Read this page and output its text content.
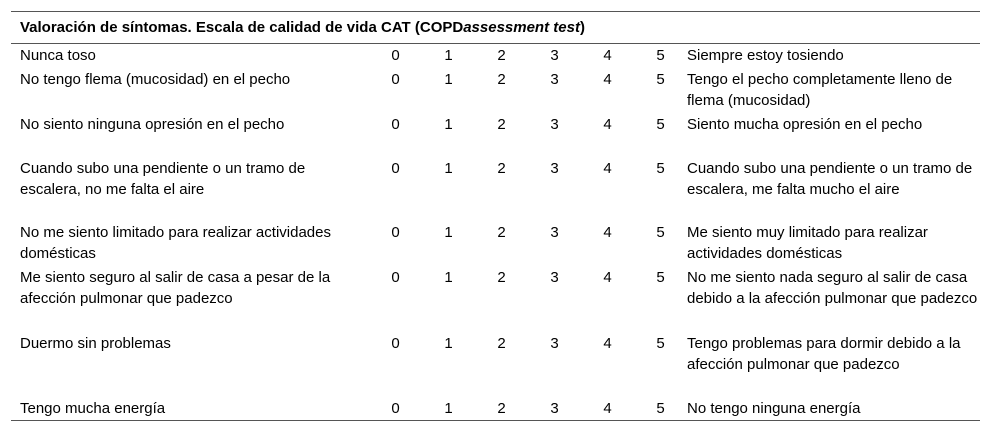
Valoración de síntomas. Escala de calidad de vida CAT (COPDassessment test)
Nunca toso	0	1	2	3	4	5	Siempre estoy tosiendo
No tengo flema (mucosidad) en el pecho	0	1	2	3	4	5	Tengo el pecho completamente lleno de flema (mucosidad)
No siento ninguna opresión en el pecho	0	1	2	3	4	5	Siento mucha opresión en el pecho
Cuando subo una pendiente o un tramo de escalera, no me falta el aire	0	1	2	3	4	5	Cuando subo una pendiente o un tramo de escalera, me falta mucho el aire
No me siento limitado para realizar actividades domésticas	0	1	2	3	4	5	Me siento muy limitado para realizar actividades domésticas
Me siento seguro al salir de casa a pesar de la afección pulmonar que padezco	0	1	2	3	4	5	No me siento nada seguro al salir de casa debido a la afección pulmonar que padezco
Duermo sin problemas	0	1	2	3	4	5	Tengo problemas para dormir debido a la afección pulmonar que padezco
Tengo mucha energía	0	1	2	3	4	5	No tengo ninguna energía
